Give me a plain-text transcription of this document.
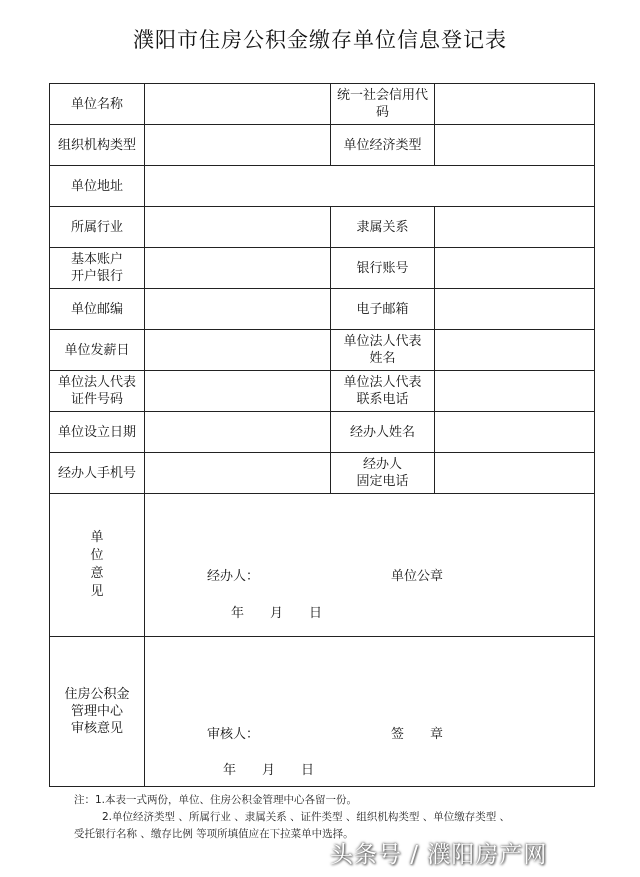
濮阳市住房公积金缴存单位信息登记表
单位名称		统一社会信用代码	
组织机构类型		单位经济类型	
单位地址			
所属行业		隶属关系	
基本账户
开户银行		银行账号	
单位邮编		电子邮箱	
单位发薪日		单位法人代表
姓名	
单位法人代表
证件号码		单位法人代表
联系电话	
单位设立日期		经办人姓名	
经办人手机号		经办人
固定电话	
单
位
意
见	经办人： 单位公章
年　　月　　日		

住房公积金
管理中心
审核意见	审核人： 签　　章
年　　月　　日		
注：1.本表一式两份，单位、住房公积金管理中心各留一份。
2.单位经济类型 、所属行业 、隶属关系 、证件类型 、组织机构类型 、单位缴存类型 、
受托银行名称 、缴存比例 等项所填值应在下拉菜单中选择。
头条号 / 濮阳房产网
